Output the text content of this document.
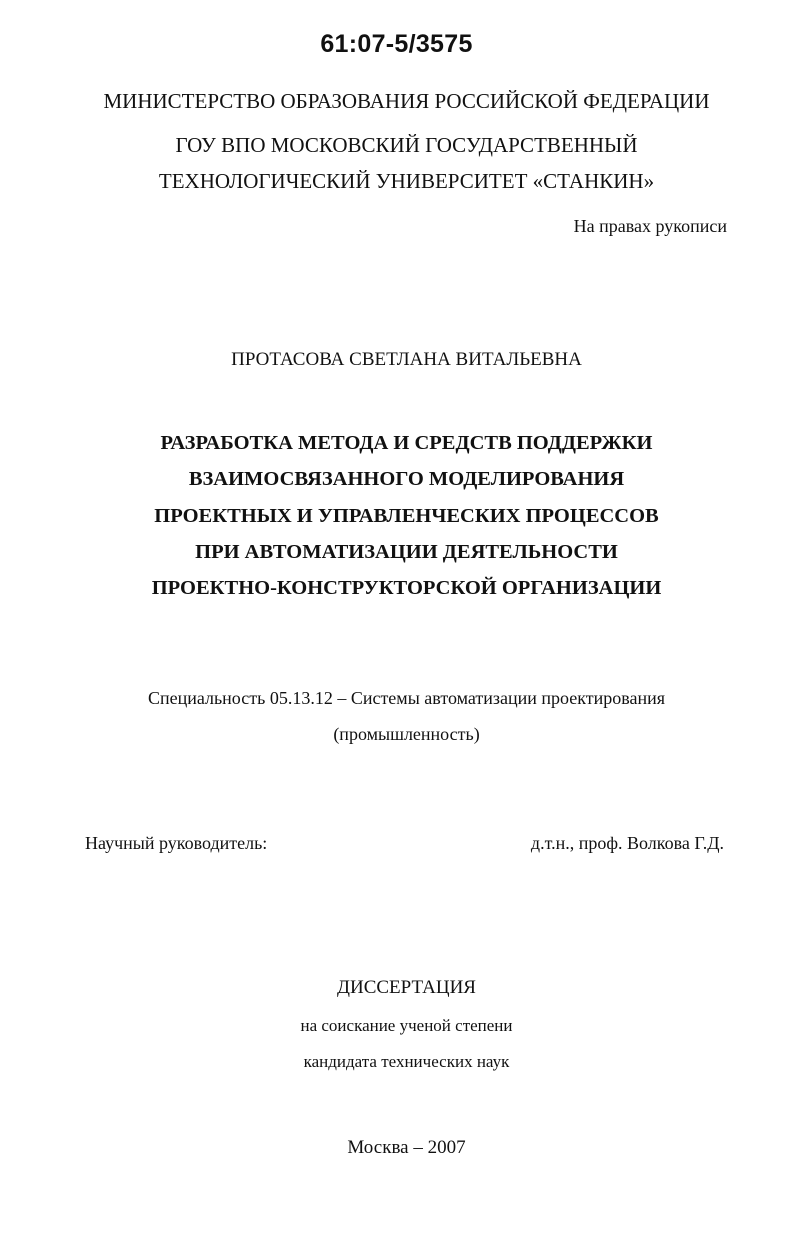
61:07-5/3575
МИНИСТЕРСТВО ОБРАЗОВАНИЯ РОССИЙСКОЙ ФЕДЕРАЦИИ
ГОУ ВПО МОСКОВСКИЙ ГОСУДАРСТВЕННЫЙ
ТЕХНОЛОГИЧЕСКИЙ УНИВЕРСИТЕТ «СТАНКИН»
На правах рукописи
ПРОТАСОВА СВЕТЛАНА ВИТАЛЬЕВНА
РАЗРАБОТКА МЕТОДА И СРЕДСТВ ПОДДЕРЖКИ
ВЗАИМОСВЯЗАННОГО МОДЕЛИРОВАНИЯ
ПРОЕКТНЫХ И УПРАВЛЕНЧЕСКИХ ПРОЦЕССОВ
ПРИ АВТОМАТИЗАЦИИ ДЕЯТЕЛЬНОСТИ
ПРОЕКТНО-КОНСТРУКТОРСКОЙ ОРГАНИЗАЦИИ
Специальность 05.13.12 – Системы автоматизации проектирования
(промышленность)
Научный руководитель:	д.т.н., проф. Волкова Г.Д.
ДИССЕРТАЦИЯ
на соискание ученой степени
кандидата технических наук
Москва – 2007
